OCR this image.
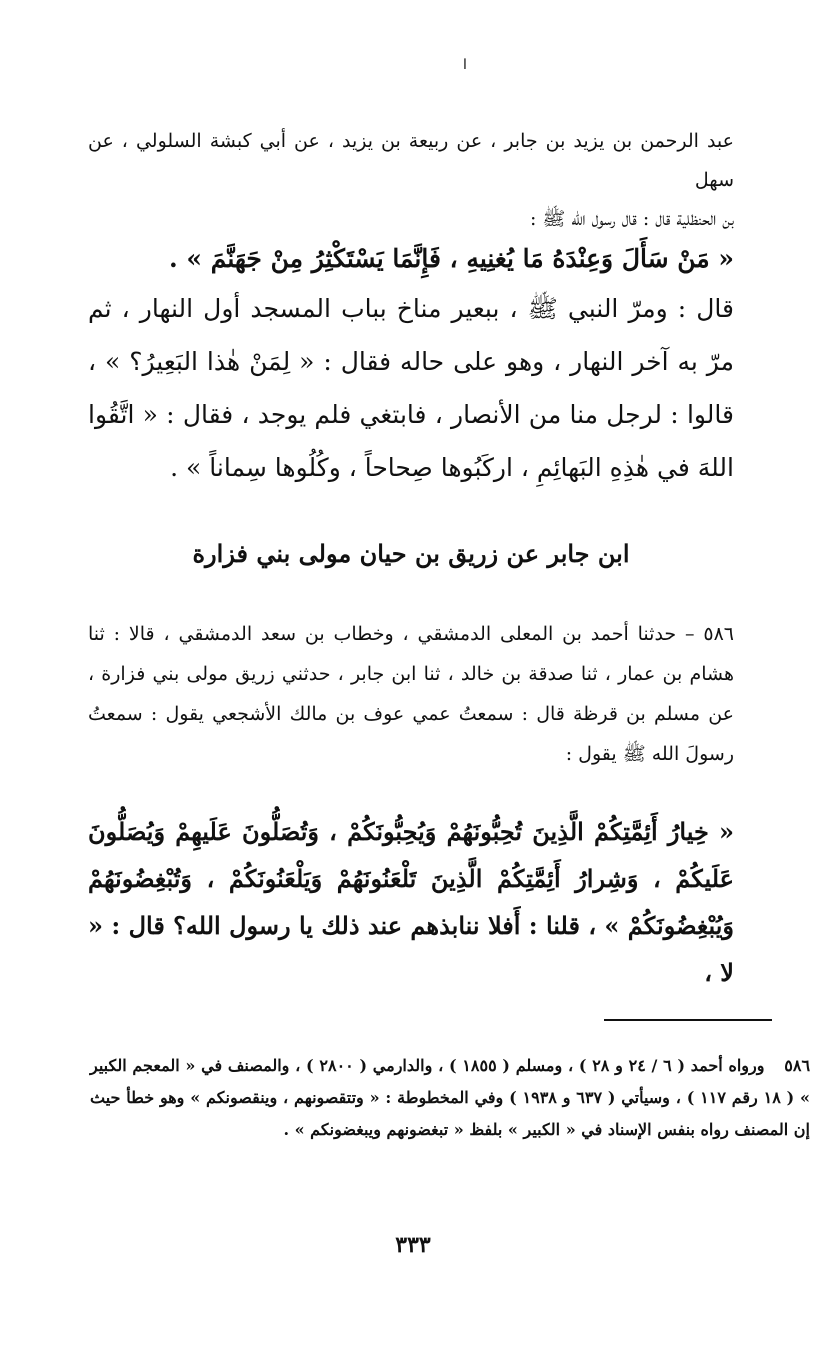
ا

عبد الرحمن بن يزيد بن جابر ، عن ربيعة بن يزيد ، عن أبي كبشة السلولي ، عن سهل

بن الحنظلية قال : قال رسول الله ﷺ :

« مَنْ سَأَلَ وَعِنْدَهُ مَا يُغنِيهِ ، فَإِنَّمَا يَسْتَكْثِرُ مِنْ جَهَنَّمَ » .

قال : ومرّ النبي ﷺ ، ببعير مناخ بباب المسجد أول النهار ، ثم مرّ به آخر النهار ، وهو على حاله فقال : « لِمَنْ هٰذا البَعِيرُ؟ » ، قالوا : لرجل منا من الأنصار ، فابتغي فلم يوجد ، فقال : « اتَّقُوا اللهَ في هٰذِهِ البَهائِمِ ، اركَبُوها صِحاحاً ، وكُلُوها سِماناً » .

ابن جابر عن زريق بن حيان مولى بني فزارة

٥٨٦ – حدثنا أحمد بن المعلى الدمشقي ، وخطاب بن سعد الدمشقي ، قالا : ثنا هشام بن عمار ، ثنا صدقة بن خالد ، ثنا ابن جابر ، حدثني زريق مولى بني فزارة ، عن مسلم بن قرظة قال : سمعتُ عمي عوف بن مالك الأشجعي يقول : سمعتُ رسولَ الله ﷺ يقول :

« خِيارُ أَئِمَّتِكُمْ الَّذِينَ تُحِبُّونَهُمْ وَيُحِبُّونَكُمْ ، وَتُصَلُّونَ عَلَيهِمْ وَيُصَلُّونَ عَلَيكُمْ ، وَشِرارُ أَئِمَّتِكُمْ الَّذِينَ تَلْعَنُونَهُمْ وَيَلْعَنُونَكُمْ ، وَتُبْغِضُونَهُمْ وَيُبْغِضُونَكُمْ » ، قلنا : أَفلا ننابذهم عند ذلك يا رسول الله؟ قال : « لا ،

٥٨٦ ورواه أحمد ( ٦ / ٢٤ و ٢٨ ) ، ومسلم ( ١٨٥٥ ) ، والدارمي ( ٢٨٠٠ ) ، والمصنف في « المعجم الكبير » ( ١٨ رقم ١١٧ ) ، وسيأتي ( ٦٣٧ و ١٩٣٨ ) وفي المخطوطة : « وتتقصونهم ، وينقصونكم » وهو خطأ حيث إن المصنف رواه بنفس الإسناد في « الكبير » بلفظ « تبغضونهم ويبغضونكم » .
٣٣٣
